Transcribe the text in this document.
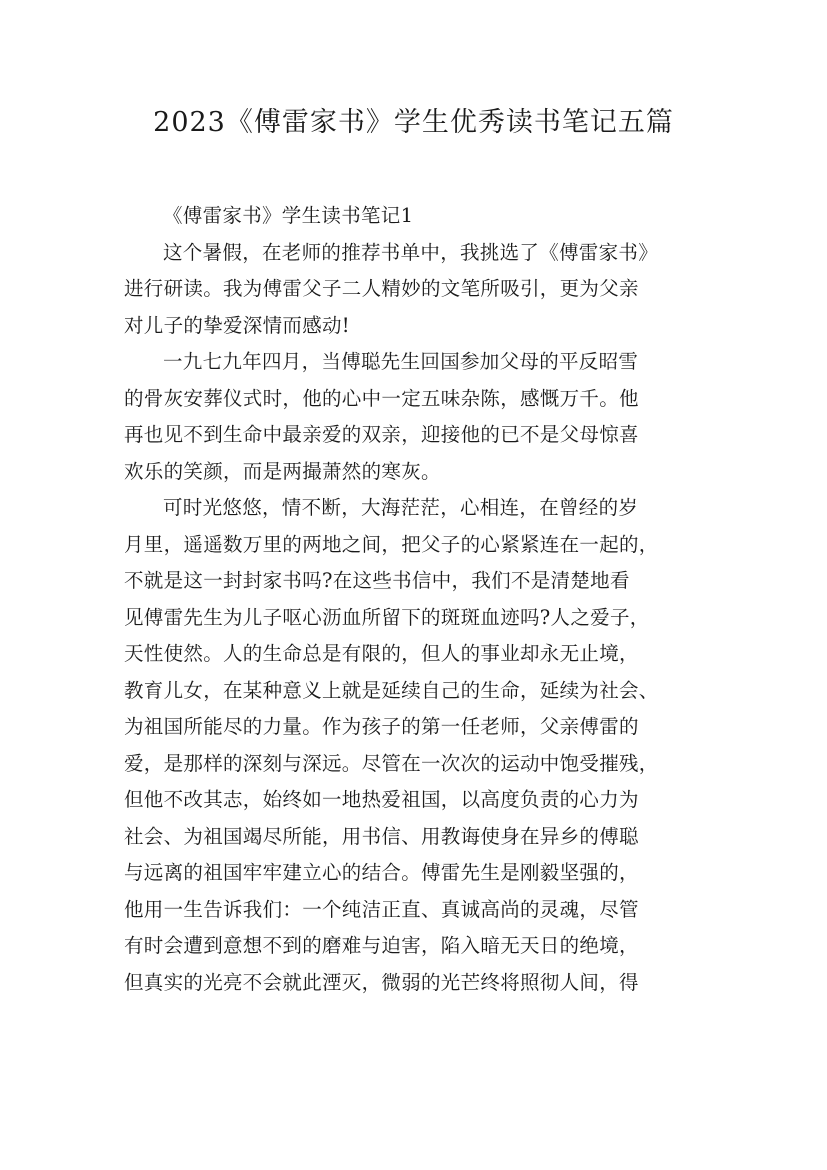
2023《傅雷家书》学生优秀读书笔记五篇

《傅雷家书》学生读书笔记1

这个暑假，在老师的推荐书单中，我挑选了《傅雷家书》
进行研读。我为傅雷父子二人精妙的文笔所吸引，更为父亲
对儿子的挚爱深情而感动!

一九七九年四月，当傅聪先生回国参加父母的平反昭雪
的骨灰安葬仪式时，他的心中一定五味杂陈，感慨万千。他
再也见不到生命中最亲爱的双亲，迎接他的已不是父母惊喜
欢乐的笑颜，而是两撮萧然的寒灰。

可时光悠悠，情不断，大海茫茫，心相连，在曾经的岁
月里，遥遥数万里的两地之间，把父子的心紧紧连在一起的，
不就是这一封封家书吗?在这些书信中，我们不是清楚地看
见傅雷先生为儿子呕心沥血所留下的斑斑血迹吗?人之爱子，
天性使然。人的生命总是有限的，但人的事业却永无止境，
教育儿女，在某种意义上就是延续自己的生命，延续为社会、
为祖国所能尽的力量。作为孩子的第一任老师，父亲傅雷的
爱，是那样的深刻与深远。尽管在一次次的运动中饱受摧残，
但他不改其志，始终如一地热爱祖国，以高度负责的心力为
社会、为祖国竭尽所能，用书信、用教诲使身在异乡的傅聪
与远离的祖国牢牢建立心的结合。傅雷先生是刚毅坚强的，
他用一生告诉我们：一个纯洁正直、真诚高尚的灵魂，尽管
有时会遭到意想不到的磨难与迫害，陷入暗无天日的绝境，
但真实的光亮不会就此湮灭，微弱的光芒终将照彻人间，得
